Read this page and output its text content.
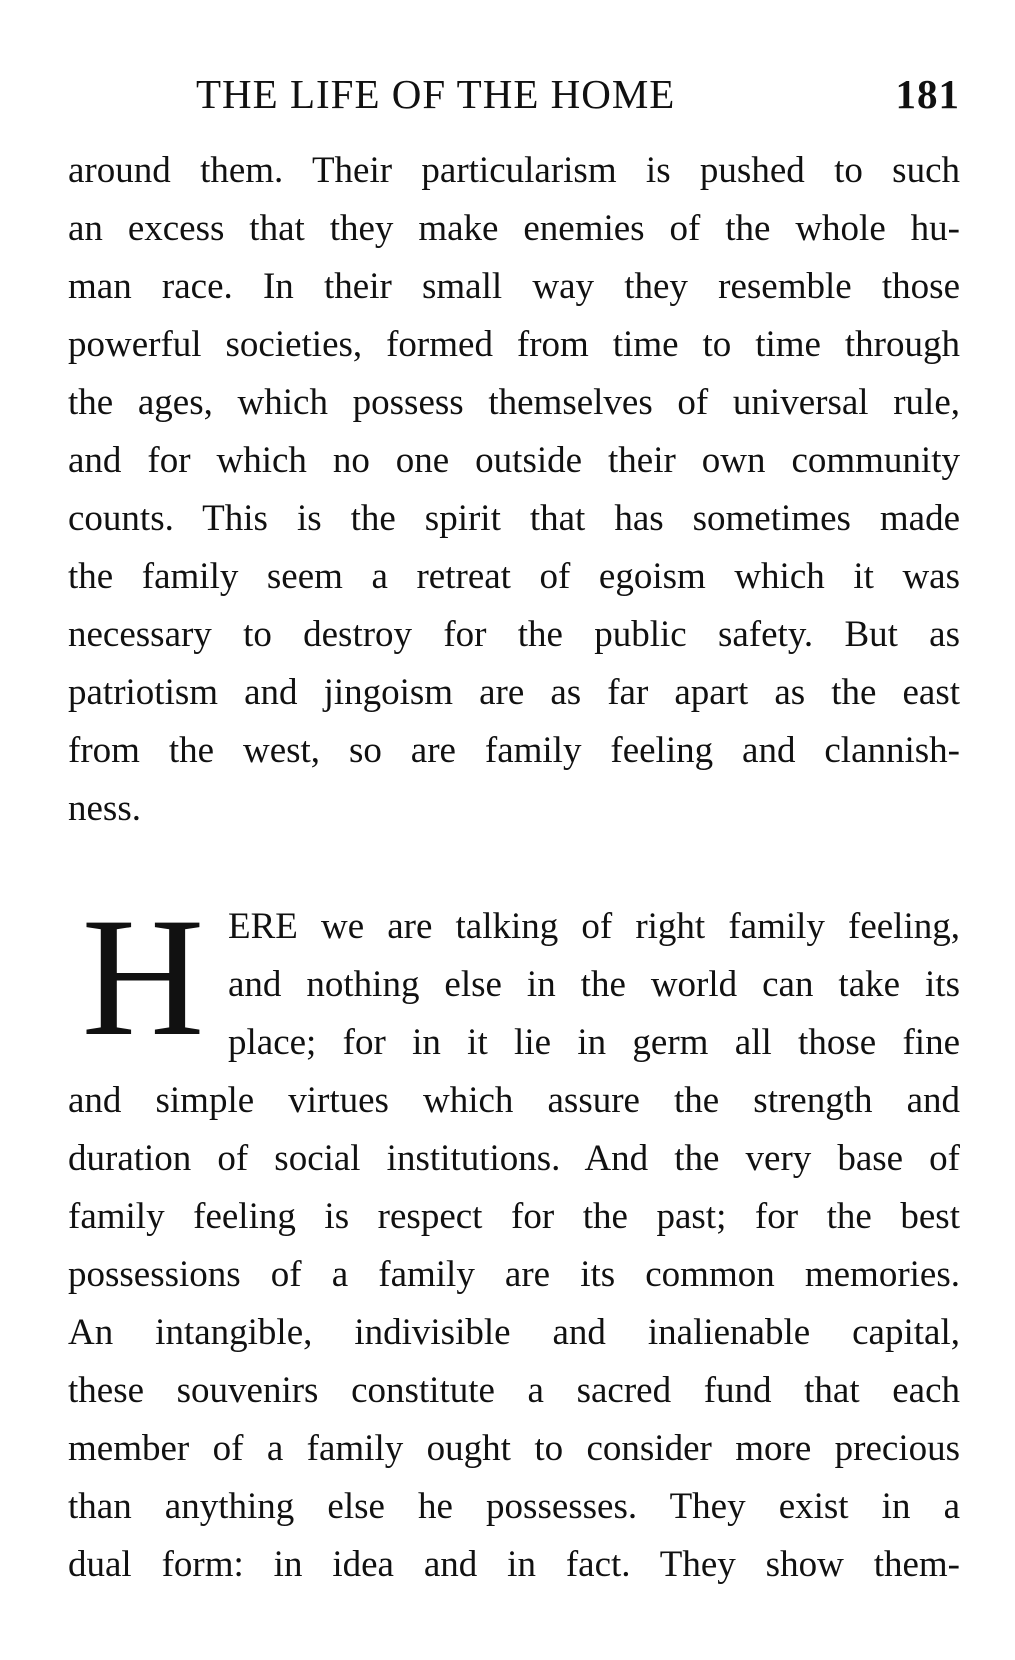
THE LIFE OF THE HOME	181
around them. Their particularism is pushed to such
an excess that they make enemies of the whole hu-
man race. In their small way they resemble those
powerful societies, formed from time to time through
the ages, which possess themselves of universal rule,
and for which no one outside their own community
counts. This is the spirit that has sometimes made
the family seem a retreat of egoism which it was
necessary to destroy for the public safety. But as
patriotism and jingoism are as far apart as the east
from the west, so are family feeling and clannish-
ness.
H ERE we are talking of right family feeling,
and nothing else in the world can take its
place; for in it lie in germ all those fine
and simple virtues which assure the strength and
duration of social institutions. And the very base of
family feeling is respect for the past; for the best
possessions of a family are its common memories.
An intangible, indivisible and inalienable capital,
these souvenirs constitute a sacred fund that each
member of a family ought to consider more precious
than anything else he possesses. They exist in a
dual form: in idea and in fact. They show them-
